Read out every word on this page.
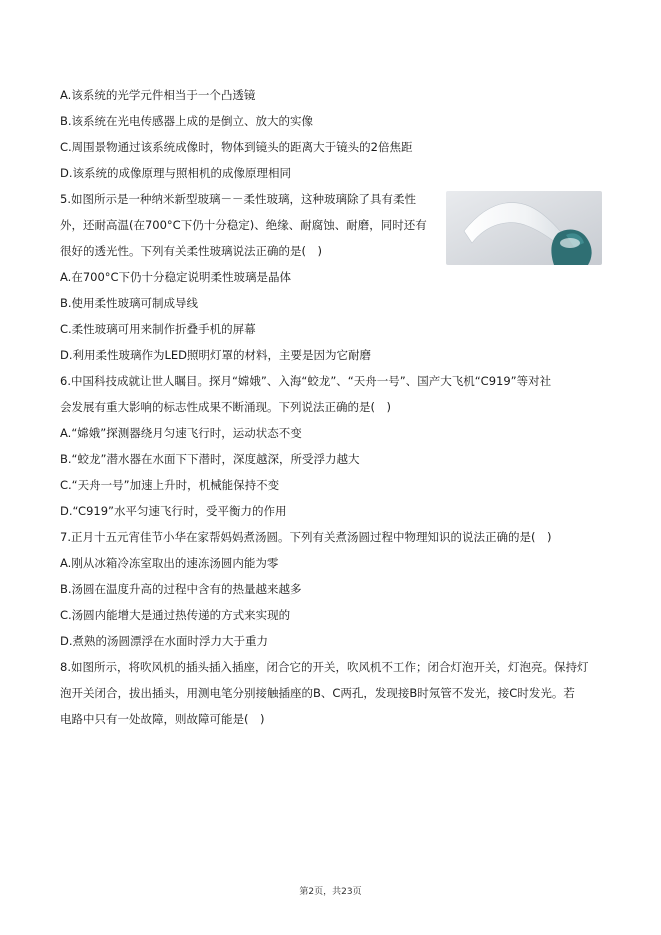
A.该系统的光学元件相当于一个凸透镜
B.该系统在光电传感器上成的是倒立、放大的实像
C.周围景物通过该系统成像时，物体到镜头的距离大于镜头的2倍焦距
D.该系统的成像原理与照相机的成像原理相同
5.如图所示是一种纳米新型玻璃－－柔性玻璃，这种玻璃除了具有柔性
外，还耐高温(在700°C下仍十分稳定)、绝缘、耐腐蚀、耐磨，同时还有
很好的透光性。下列有关柔性玻璃说法正确的是(　)
A.在700°C下仍十分稳定说明柔性玻璃是晶体
B.使用柔性玻璃可制成导线
C.柔性玻璃可用来制作折叠手机的屏幕
D.利用柔性玻璃作为LED照明灯罩的材料，主要是因为它耐磨
6.中国科技成就让世人瞩目。探月“嫦娥”、入海“蛟龙”、“天舟一号”、国产大飞机“C919”等对社
会发展有重大影响的标志性成果不断涌现。下列说法正确的是(　)
A.“嫦娥”探测器绕月匀速飞行时，运动状态不变
B.“蛟龙”潜水器在水面下下潜时，深度越深，所受浮力越大
C.“天舟一号”加速上升时，机械能保持不变
D.“C919”水平匀速飞行时，受平衡力的作用
7.正月十五元宵佳节小华在家帮妈妈煮汤圆。下列有关煮汤圆过程中物理知识的说法正确的是(　)
A.刚从冰箱冷冻室取出的速冻汤圆内能为零
B.汤圆在温度升高的过程中含有的热量越来越多
C.汤圆内能增大是通过热传递的方式来实现的
D.煮熟的汤圆漂浮在水面时浮力大于重力
8.如图所示，将吹风机的插头插入插座，闭合它的开关，吹风机不工作；闭合灯泡开关，灯泡亮。保持灯
泡开关闭合，拔出插头，用测电笔分别接触插座的B、C两孔，发现接B时氖管不发光，接C时发光。若
电路中只有一处故障，则故障可能是(　)
第2页，共23页
